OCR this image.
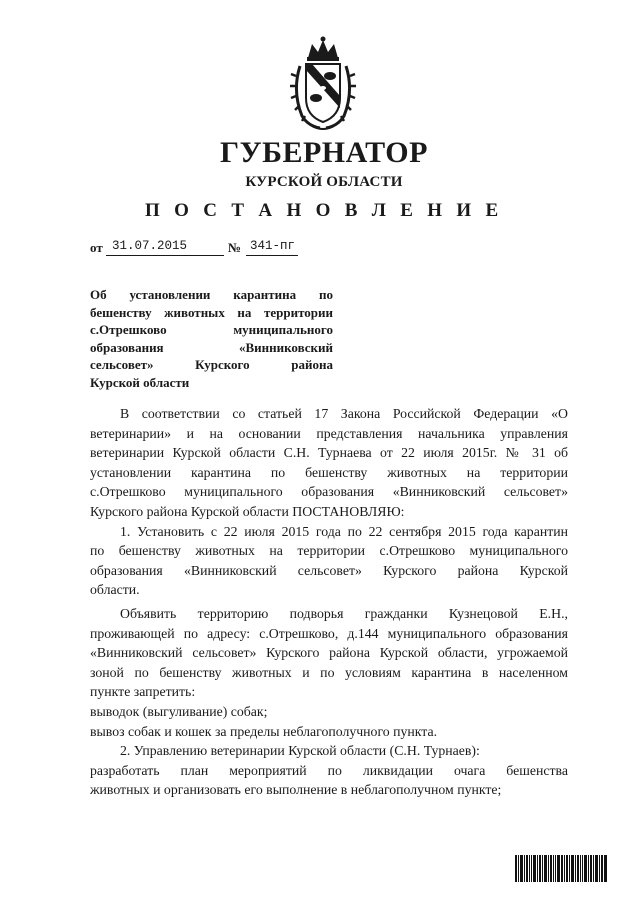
ГУБЕРНАТОР
КУРСКОЙ ОБЛАСТИ
П О С Т А Н О В Л Е Н И Е
от 31.07.2015	№ 341-пг
Об установлении карантина по
бешенству животных на территории
с.Отрешково муниципального
образования «Винниковский
сельсовет» Курского района
Курской области
В соответствии со статьей 17 Закона Российской Федерации «О
ветеринарии» и на основании представления начальника управления
ветеринарии Курской области С.Н. Турнаева от 22 июля 2015г. № 31 об
установлении карантина по бешенству животных на территории
с.Отрешково муниципального образования «Винниковский сельсовет»
Курского района Курской области ПОСТАНОВЛЯЮ:
1. Установить с 22 июля 2015 года по 22 сентября 2015 года карантин
по бешенству животных на территории с.Отрешково муниципального
образования «Винниковский сельсовет» Курского района Курской
области.
Объявить территорию подворья гражданки Кузнецовой Е.Н.,
проживающей по адресу: с.Отрешково, д.144 муниципального образования
«Винниковский сельсовет» Курского района Курской области, угрожаемой
зоной по бешенству животных и по условиям карантина в населенном
пункте запретить:
выводок (выгуливание) собак;
вывоз собак и кошек за пределы неблагополучного пункта.
2. Управлению ветеринарии Курской области (С.Н. Турнаев):
разработать план мероприятий по ликвидации очага бешенства
животных и организовать его выполнение в неблагополучном пункте;
